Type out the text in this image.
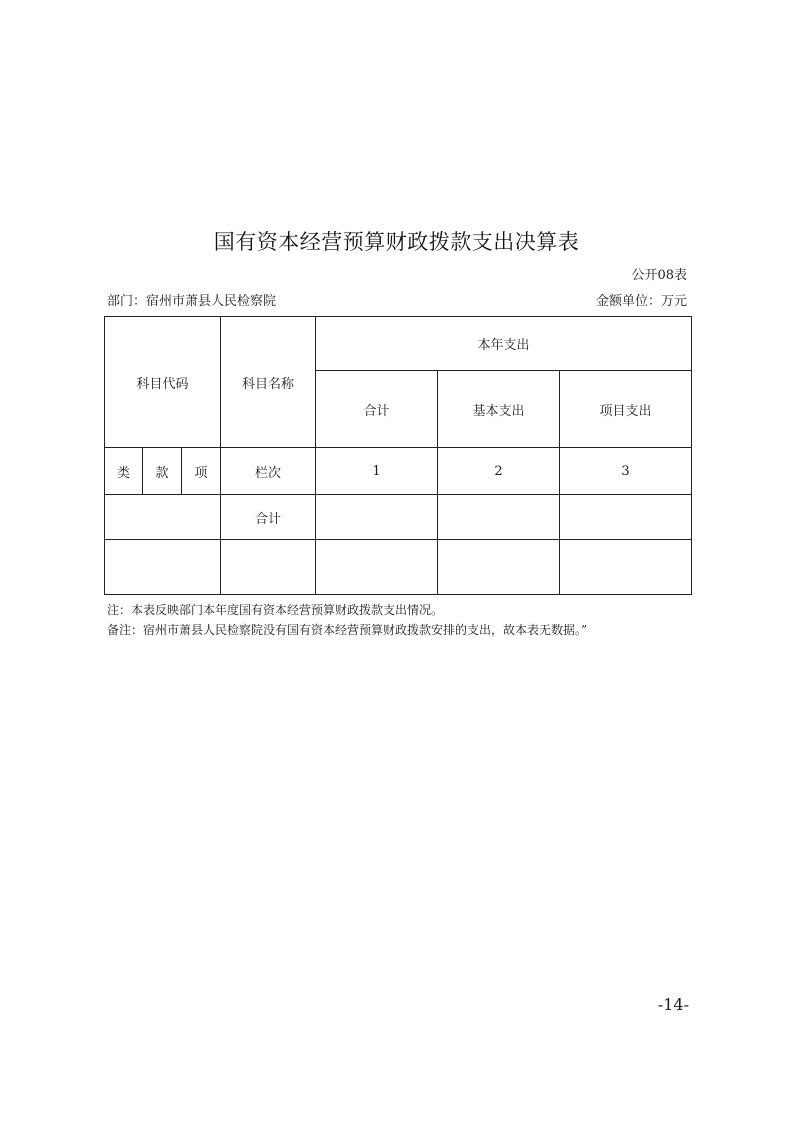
国有资本经营预算财政拨款支出决算表
公开08表
部门：宿州市萧县人民检察院	金额单位：万元
科目代码			科目名称	本年支出		
				合计	基本支出	项目支出
类	款	项	栏次	1	2	3
			合计			

注：本表反映部门本年度国有资本经营预算财政拨款支出情况。
备注：宿州市萧县人民检察院没有国有资本经营预算财政拨款安排的支出，故本表无数据。”
-14-
